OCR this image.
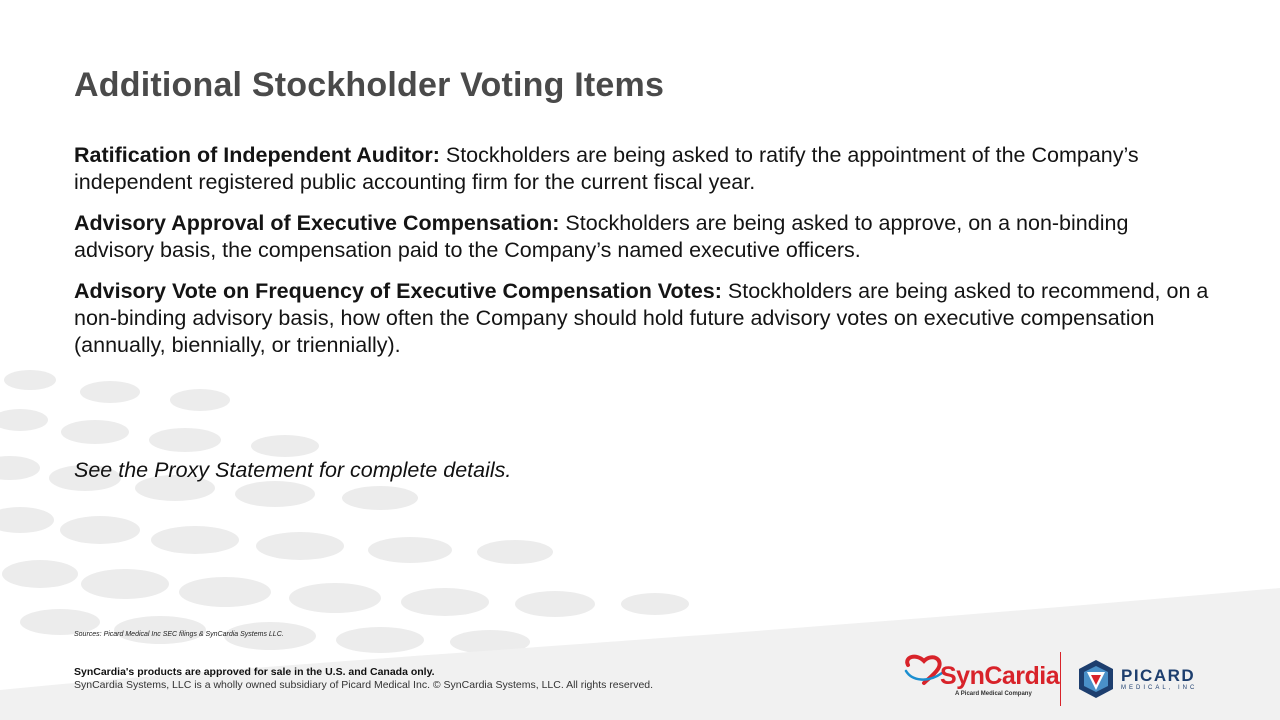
Additional Stockholder Voting Items

Ratification of Independent Auditor: Stockholders are being asked to ratify the appointment of the Company’s independent registered public accounting firm for the current fiscal year.

Advisory Approval of Executive Compensation: Stockholders are being asked to approve, on a non-binding advisory basis, the compensation paid to the Company’s named executive officers.

Advisory Vote on Frequency of Executive Compensation Votes: Stockholders are being asked to recommend, on a non-binding advisory basis, how often the Company should hold future advisory votes on executive compensation (annually, biennially, or triennially).

See the Proxy Statement for complete details.

Sources: Picard Medical Inc SEC filings & SynCardia Systems LLC.

SynCardia's products are approved for sale in the U.S. and Canada only.

SynCardia Systems, LLC is a wholly owned subsidiary of Picard Medical Inc. © SynCardia Systems, LLC. All rights reserved.	SynCardia
A Picard Medical Company
PICARD
MEDICAL, INC
